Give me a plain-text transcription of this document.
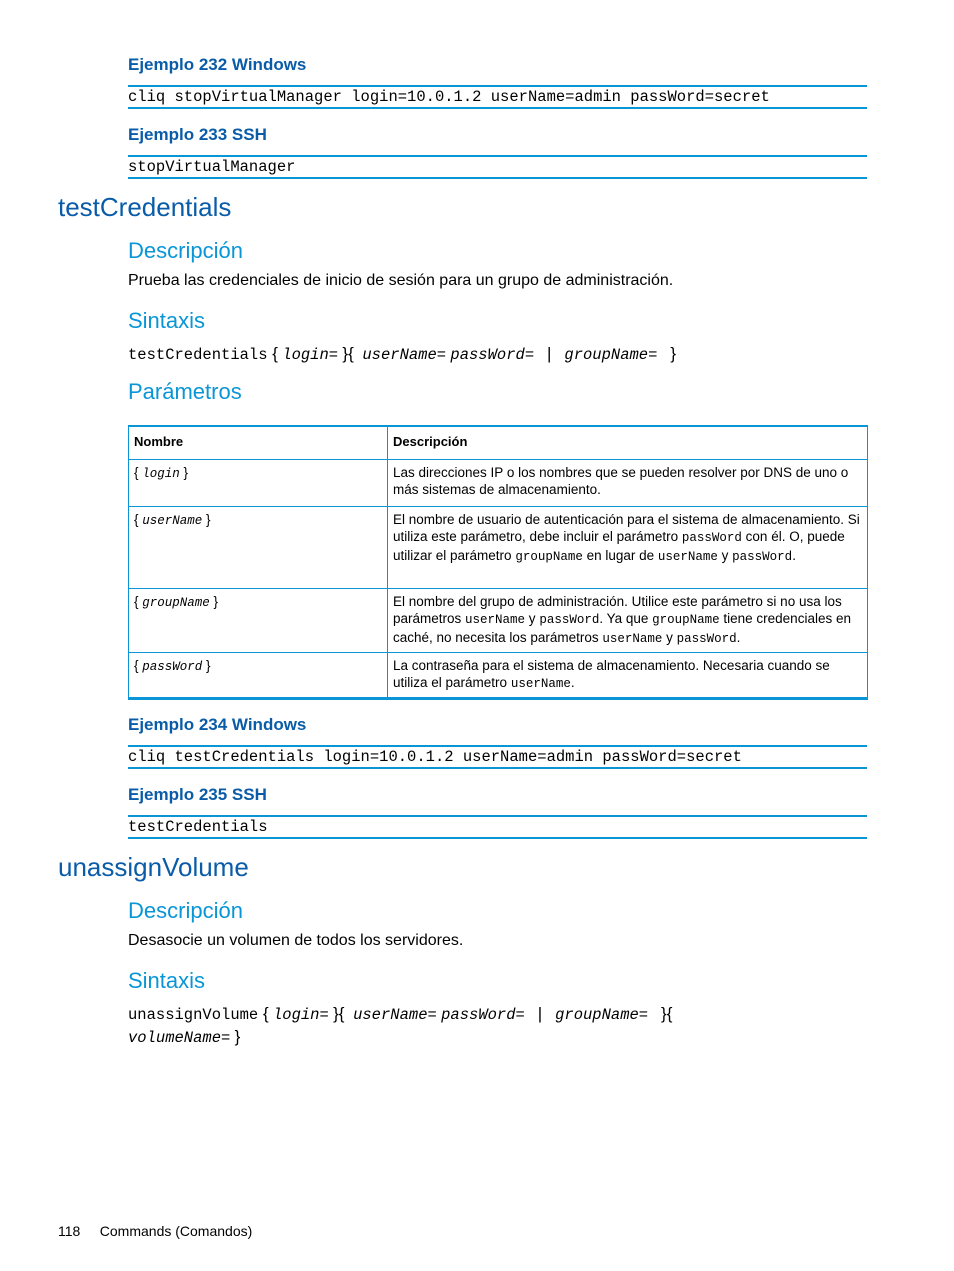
Ejemplo 232 Windows
cliq stopVirtualManager login=10.0.1.2 userName=admin passWord=secret
Ejemplo 233 SSH
stopVirtualManager
testCredentials
Descripción
Prueba las credenciales de inicio de sesión para un grupo de administración.
Sintaxis
testCredentials { login= }{ userName= passWord= | groupName= }
Parámetros
Nombre	Descripción
{ login }	Las direcciones IP o los nombres que se pueden resolver por DNS de uno o más sistemas de almacenamiento.
{ userName }	El nombre de usuario de autenticación para el sistema de almacenamiento. Si utiliza este parámetro, debe incluir el parámetro passWord con él. O, puede utilizar el parámetro groupName en lugar de userName y passWord.
{ groupName }	El nombre del grupo de administración. Utilice este parámetro si no usa los parámetros userName y passWord. Ya que groupName tiene credenciales en caché, no necesita los parámetros userName y passWord.
{ passWord }	La contraseña para el sistema de almacenamiento. Necesaria cuando se utiliza el parámetro userName.
Ejemplo 234 Windows
cliq testCredentials login=10.0.1.2 userName=admin passWord=secret
Ejemplo 235 SSH
testCredentials
unassignVolume
Descripción
Desasocie un volumen de todos los servidores.
Sintaxis
unassignVolume { login= }{ userName= passWord= | groupName= }{
volumeName= }
118 Commands (Comandos)
